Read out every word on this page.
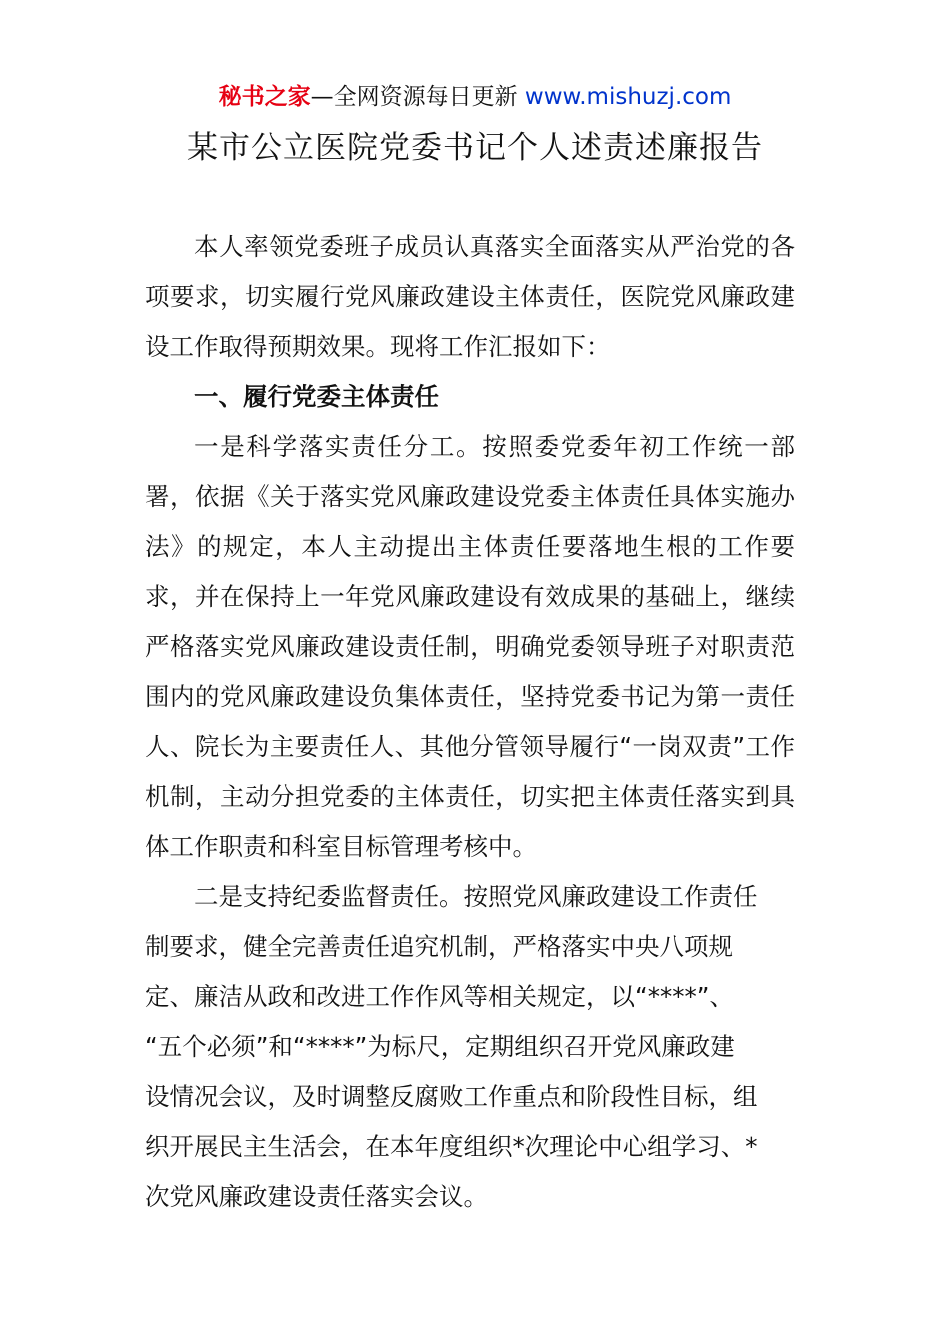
秘书之家—全网资源每日更新 www.mishuzj.com
某市公立医院党委书记个人述责述廉报告

本人率领党委班子成员认真落实全面落实从严治党的各项要求，切实履行党风廉政建设主体责任，医院党风廉政建设工作取得预期效果。现将工作汇报如下：

一、履行党委主体责任

一是科学落实责任分工。按照委党委年初工作统一部署，依据《关于落实党风廉政建设党委主体责任具体实施办法》的规定，本人主动提出主体责任要落地生根的工作要求，并在保持上一年党风廉政建设有效成果的基础上，继续严格落实党风廉政建设责任制，明确党委领导班子对职责范围内的党风廉政建设负集体责任，坚持党委书记为第一责任人、院长为主要责任人、其他分管领导履行“一岗双责”工作机制，主动分担党委的主体责任，切实把主体责任落实到具体工作职责和科室目标管理考核中。

二是支持纪委监督责任。按照党风廉政建设工作责任
制要求，健全完善责任追究机制，严格落实中央八项规
定、廉洁从政和改进工作作风等相关规定，以“****”、
“五个必须”和“****”为标尺，定期组织召开党风廉政建
设情况会议，及时调整反腐败工作重点和阶段性目标，组
织开展民主生活会，在本年度组织*次理论中心组学习、*
次党风廉政建设责任落实会议。
